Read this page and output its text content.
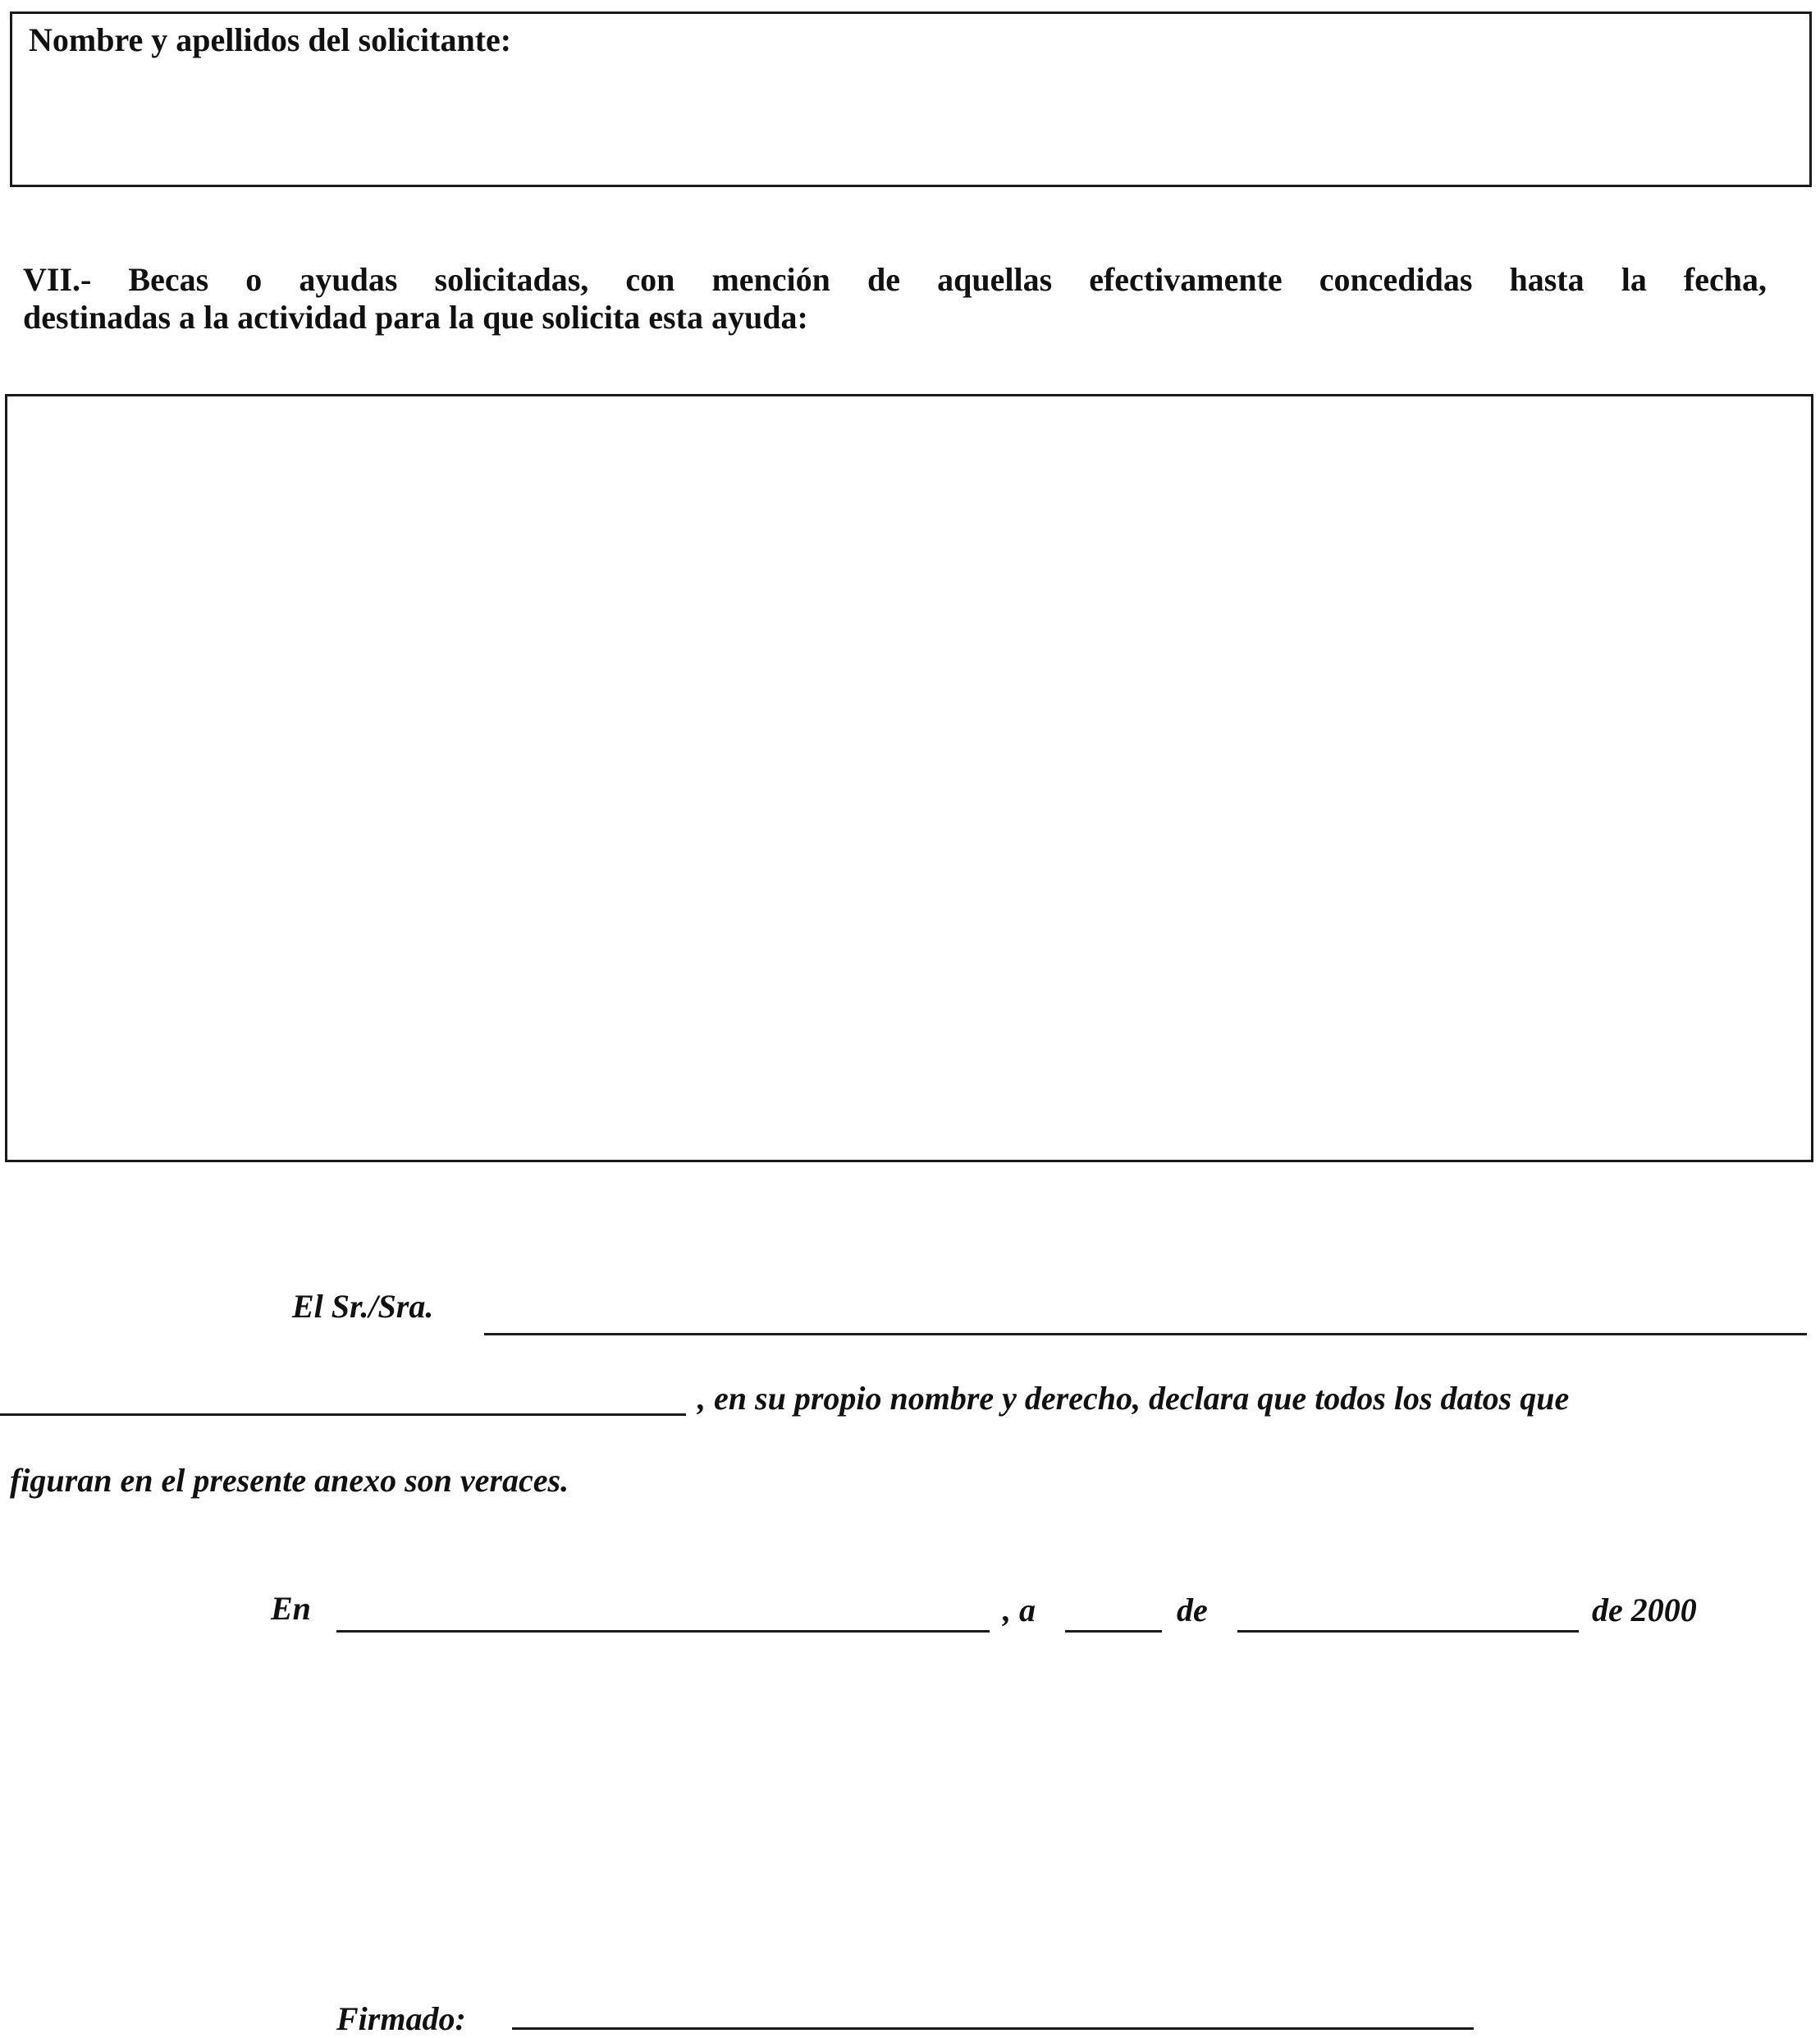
Nombre y apellidos del solicitante:
VII.- Becas o ayudas solicitadas, con mención de aquellas efectivamente concedidas hasta la fecha,
destinadas a la actividad para la que solicita esta ayuda:
El Sr./Sra.
, en su propio nombre y derecho, declara que todos los datos que
figuran en el presente anexo son veraces.
En	, a	de	de 2000
Firmado:
